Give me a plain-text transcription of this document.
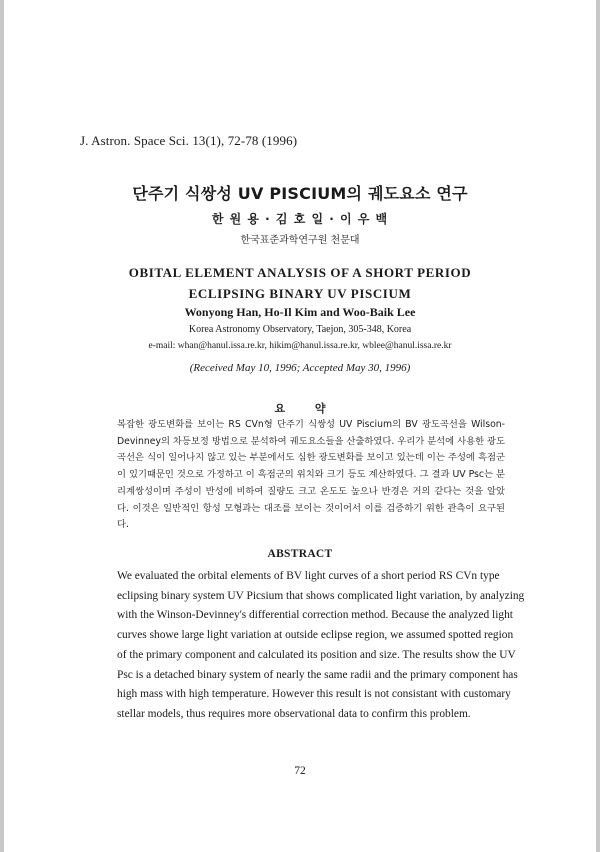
J. Astron. Space Sci. 13(1), 72-78 (1996)
단주기 식쌍성 UV PISCIUM의 궤도요소 연구
한 원 용 · 김 호 일 · 이 우 백
한국표준과학연구원 천문대
OBITAL ELEMENT ANALYSIS OF A SHORT PERIOD
ECLIPSING BINARY UV PISCIUM
Wonyong Han, Ho-Il Kim and Woo-Baik Lee
Korea Astronomy Observatory, Taejon, 305-348, Korea
e-mail: whan@hanul.issa.re.kr, hikim@hanul.issa.re.kr, wblee@hanul.issa.re.kr
(Received May 10, 1996; Accepted May 30, 1996)
요 약
복잡한 광도변화를 보이는 RS CVn형 단주기 식쌍성 UV Piscium의 BV 광도곡선을 Wilson-Devinney의 차등보정 방법으로 분석하여 궤도요소들을 산출하였다. 우리가 분석에 사용한 광도곡선은 식이 일어나지 않고 있는 부분에서도 심한 광도변화를 보이고 있는데 이는 주성에 흑점군이 있기때문인 것으로 가정하고 이 흑점군의 위치와 크기 등도 계산하였다. 그 결과 UV Psc는 분리계쌍성이며 주성이 반성에 비하여 질량도 크고 온도도 높으나 반경은 거의 같다는 것을 알았다. 이것은 일반적인 항성 모형과는 대조를 보이는 것이어서 이를 검증하기 위한 관측이 요구된다.
ABSTRACT
We evaluated the orbital elements of BV light curves of a short period RS CVn type
eclipsing binary system UV Picsium that shows complicated light variation, by analyzing
with the Winson-Devinney's differential correction method. Because the analyzed light
curves showe large light variation at outside eclipse region, we assumed spotted region
of the primary component and calculated its position and size. The results show the UV
Psc is a detached binary system of nearly the same radii and the primary component has
high mass with high temperature. However this result is not consistant with customary
stellar models, thus requires more observational data to confirm this problem.
72
